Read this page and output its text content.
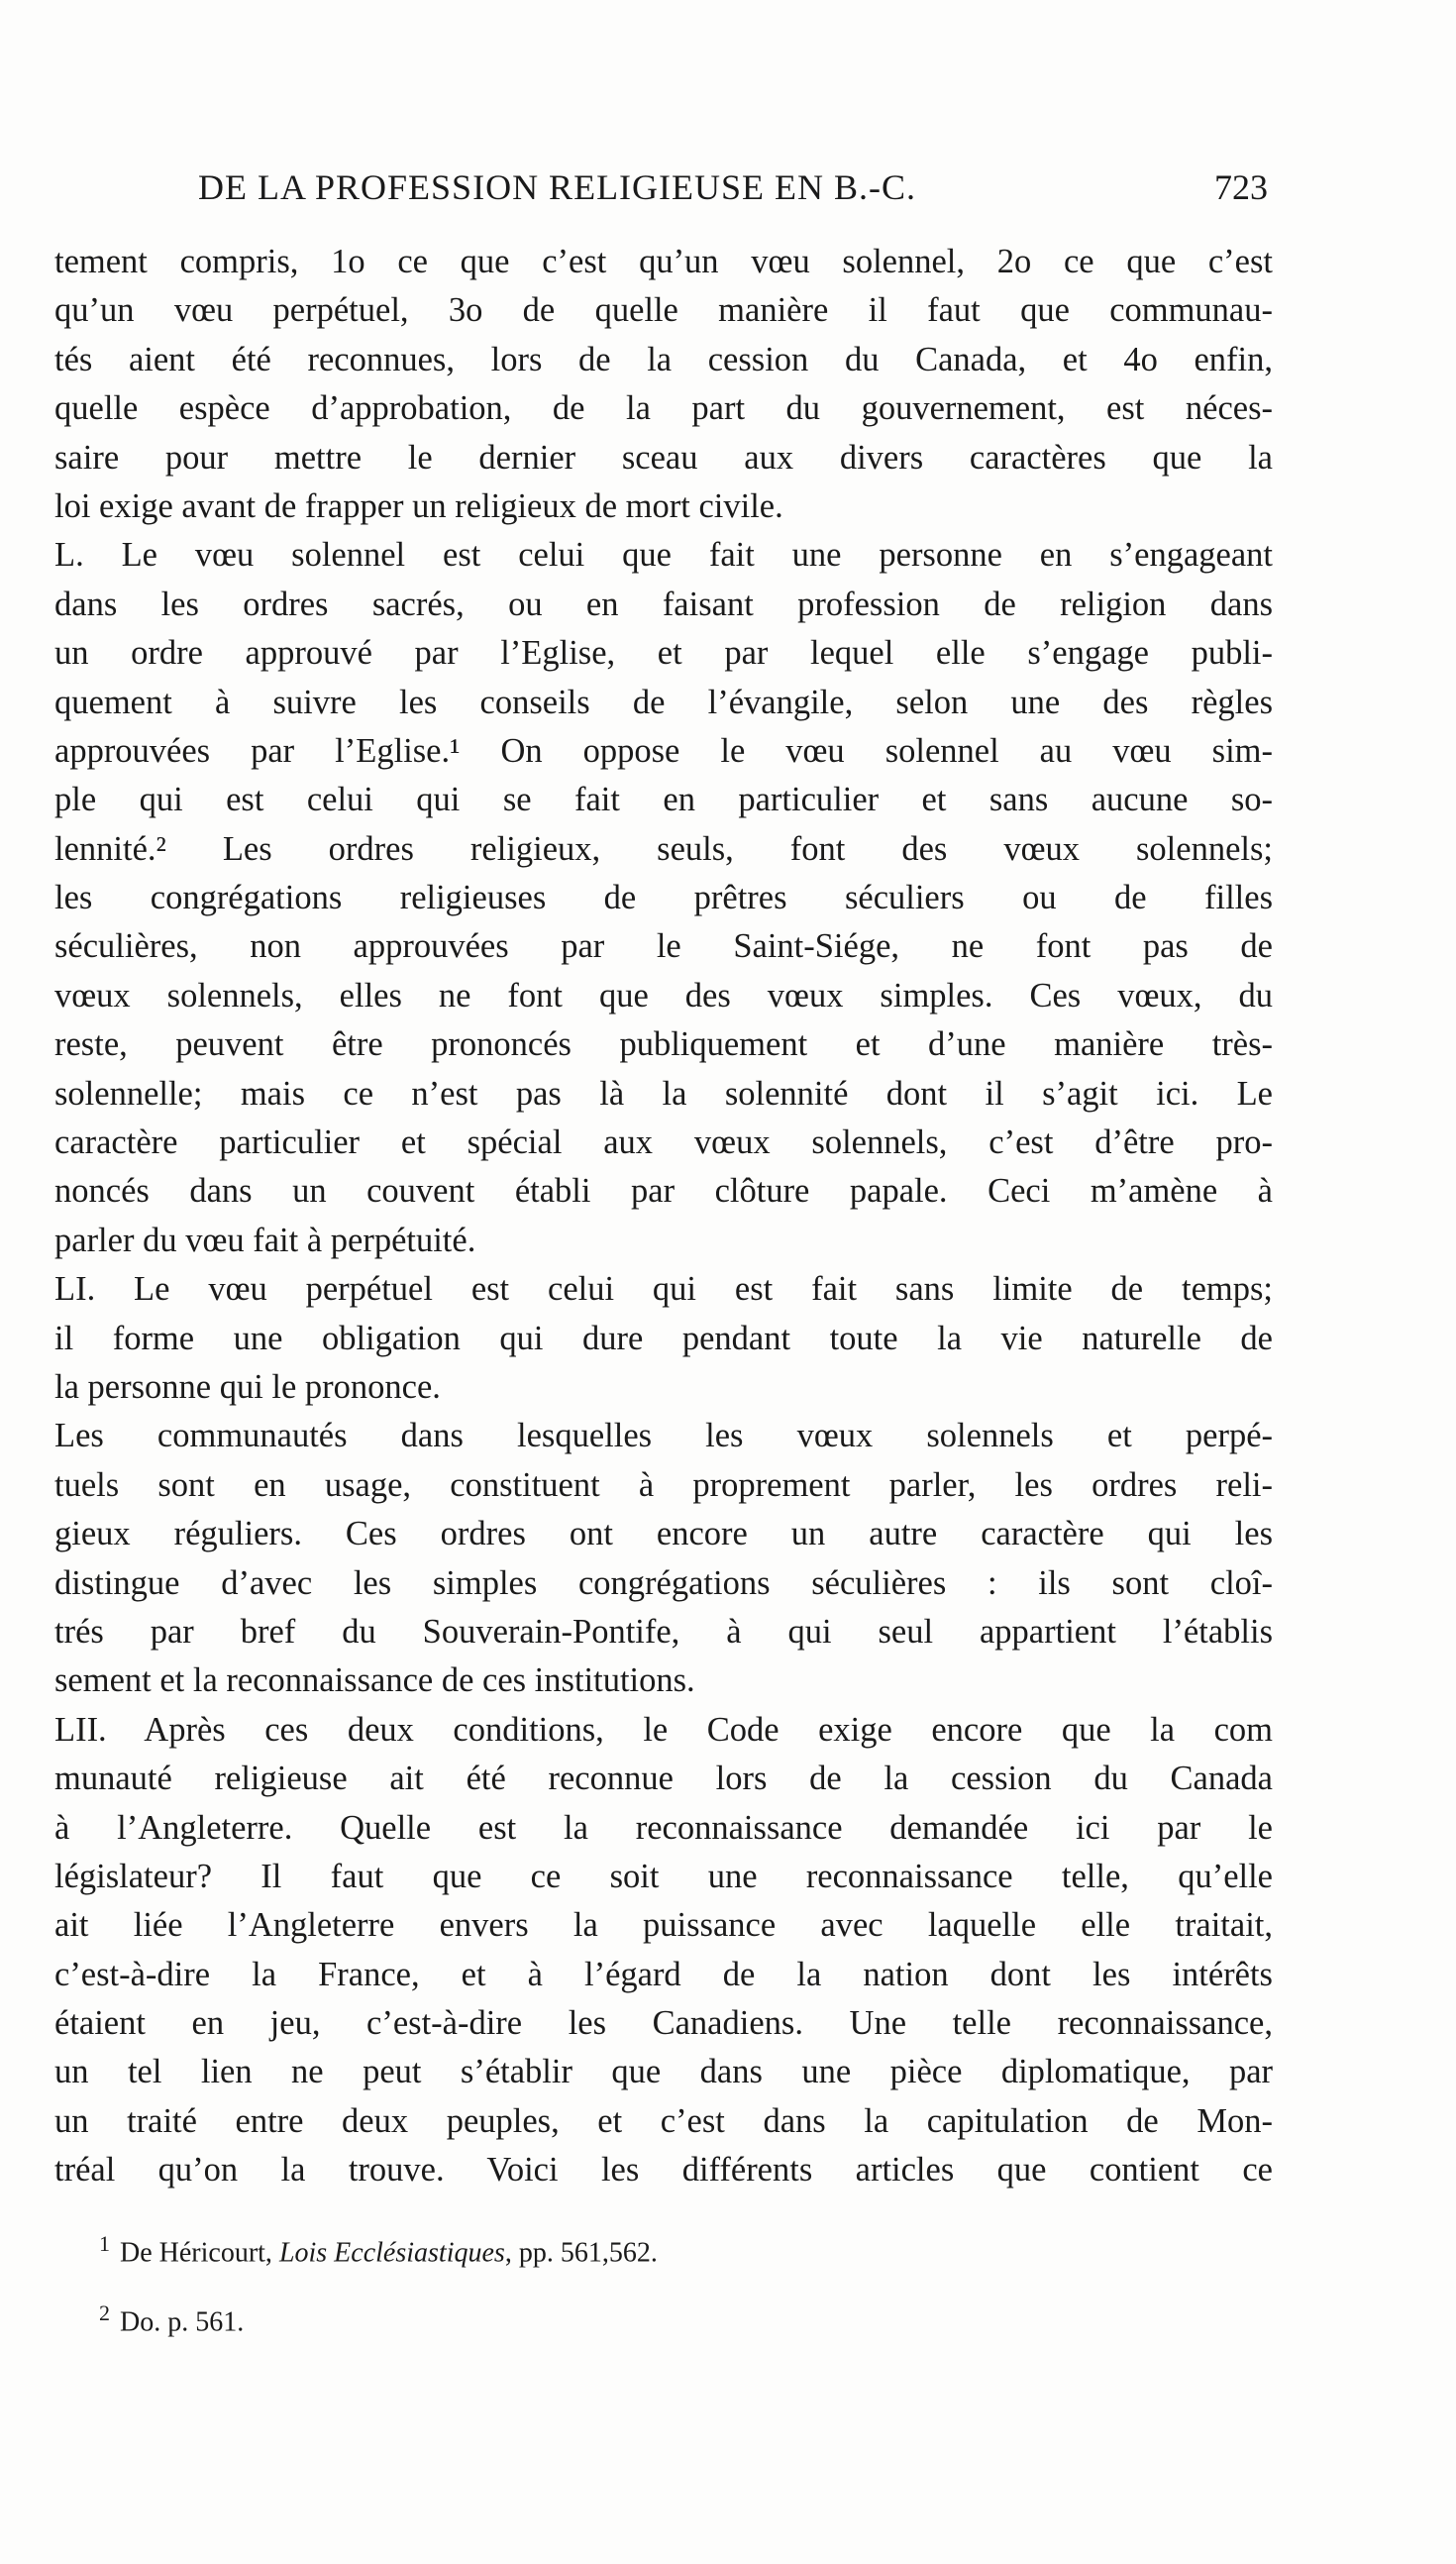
DE LA PROFESSION RELIGIEUSE EN B.-C.	723
tement compris, 1o ce que c’est qu’un vœu solennel, 2o ce que c’est
qu’un vœu perpétuel, 3o de quelle manière il faut que communau-
tés aient été reconnues, lors de la cession du Canada, et 4o enfin,
quelle espèce d’approbation, de la part du gouvernement, est néces-
saire pour mettre le dernier sceau aux divers caractères que la
loi exige avant de frapper un religieux de mort civile.
L. Le vœu solennel est celui que fait une personne en s’engageant
dans les ordres sacrés, ou en faisant profession de religion dans
un ordre approuvé par l’Eglise, et par lequel elle s’engage publi-
quement à suivre les conseils de l’évangile, selon une des règles
approuvées par l’Eglise.¹ On oppose le vœu solennel au vœu sim-
ple qui est celui qui se fait en particulier et sans aucune so-
lennité.² Les ordres religieux, seuls, font des vœux solennels;
les congrégations religieuses de prêtres séculiers ou de filles
séculières, non approuvées par le Saint-Siége, ne font pas de
vœux solennels, elles ne font que des vœux simples. Ces vœux, du
reste, peuvent être prononcés publiquement et d’une manière très-
solennelle; mais ce n’est pas là la solennité dont il s’agit ici. Le
caractère particulier et spécial aux vœux solennels, c’est d’être pro-
noncés dans un couvent établi par clôture papale. Ceci m’amène à
parler du vœu fait à perpétuité.
LI. Le vœu perpétuel est celui qui est fait sans limite de temps;
il forme une obligation qui dure pendant toute la vie naturelle de
la personne qui le prononce.
Les communautés dans lesquelles les vœux solennels et perpé-
tuels sont en usage, constituent à proprement parler, les ordres reli-
gieux réguliers. Ces ordres ont encore un autre caractère qui les
distingue d’avec les simples congrégations séculières : ils sont cloî-
trés par bref du Souverain-Pontife, à qui seul appartient l’établis
sement et la reconnaissance de ces institutions.
LII. Après ces deux conditions, le Code exige encore que la com
munauté religieuse ait été reconnue lors de la cession du Canada
à l’Angleterre. Quelle est la reconnaissance demandée ici par le
législateur? Il faut que ce soit une reconnaissance telle, qu’elle
ait liée l’Angleterre envers la puissance avec laquelle elle traitait,
c’est-à-dire la France, et à l’égard de la nation dont les intérêts
étaient en jeu, c’est-à-dire les Canadiens. Une telle reconnaissance,
un tel lien ne peut s’établir que dans une pièce diplomatique, par
un traité entre deux peuples, et c’est dans la capitulation de Mon-
tréal qu’on la trouve. Voici les différents articles que contient ce
$^1$ De Héricourt, Lois Ecclésiastiques, pp. 561,562.
$^2$ Do. p. 561.
